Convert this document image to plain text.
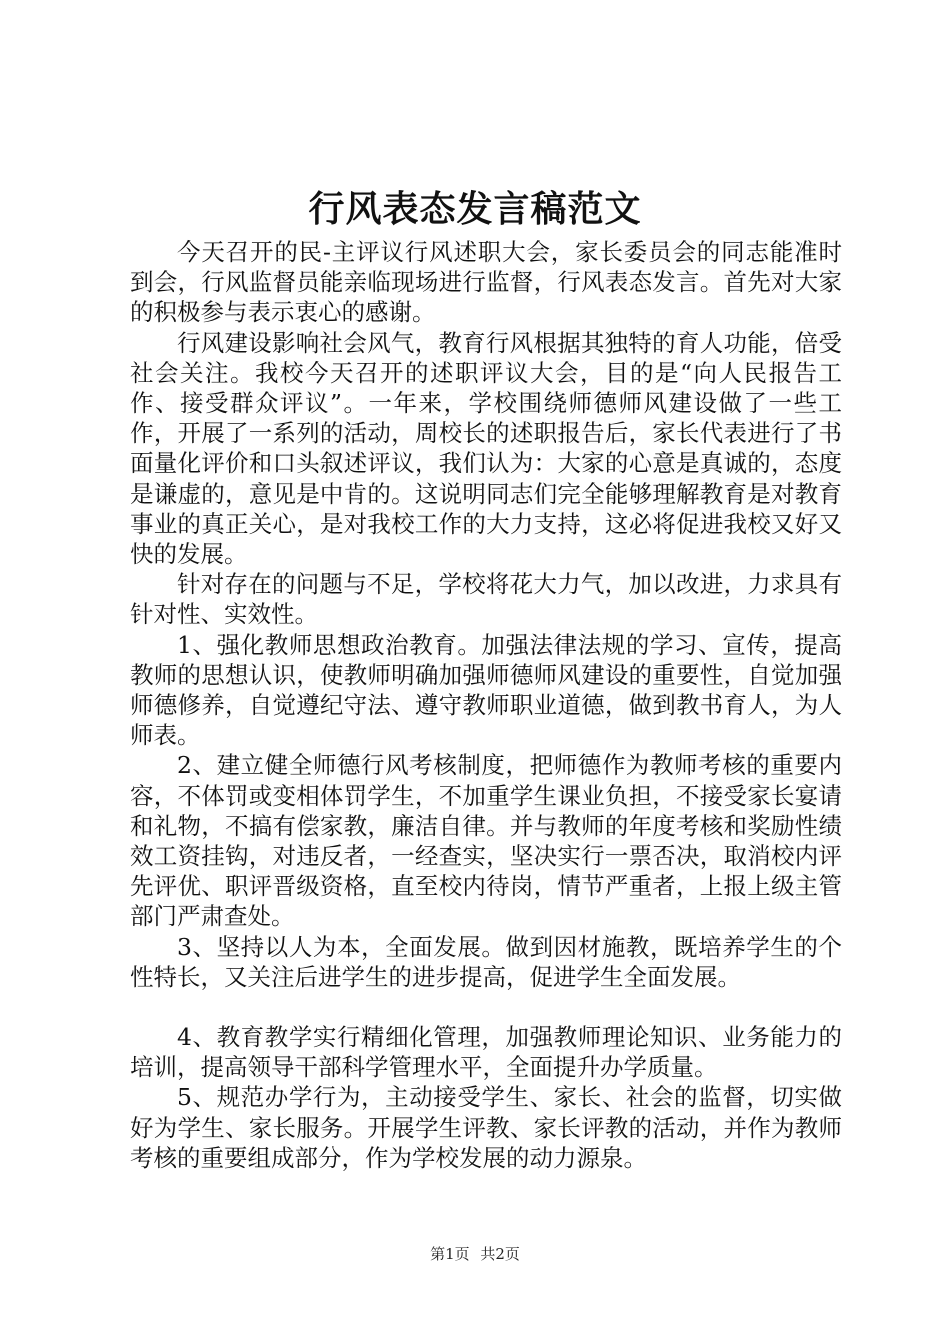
行风表态发言稿范文

今天召开的民-主评议行风述职大会，家长委员会的同志能准时到会，行风监督员能亲临现场进行监督，行风表态发言。首先对大家的积极参与表示衷心的感谢。

行风建设影响社会风气，教育行风根据其独特的育人功能，倍受社会关注。我校今天召开的述职评议大会，目的是“向人民报告工作、接受群众评议”。一年来，学校围绕师德师风建设做了一些工作，开展了一系列的活动，周校长的述职报告后，家长代表进行了书面量化评价和口头叙述评议，我们认为：大家的心意是真诚的，态度是谦虚的，意见是中肯的。这说明同志们完全能够理解教育是对教育事业的真正关心，是对我校工作的大力支持，这必将促进我校又好又快的发展。

针对存在的问题与不足，学校将花大力气，加以改进，力求具有针对性、实效性。

1、强化教师思想政治教育。加强法律法规的学习、宣传，提高教师的思想认识，使教师明确加强师德师风建设的重要性，自觉加强师德修养，自觉遵纪守法、遵守教师职业道德，做到教书育人，为人师表。

2、建立健全师德行风考核制度，把师德作为教师考核的重要内容，不体罚或变相体罚学生，不加重学生课业负担，不接受家长宴请和礼物，不搞有偿家教，廉洁自律。并与教师的年度考核和奖励性绩效工资挂钩，对违反者，一经查实，坚决实行一票否决，取消校内评先评优、职评晋级资格，直至校内待岗，情节严重者，上报上级主管部门严肃查处。

3、坚持以人为本，全面发展。做到因材施教，既培养学生的个性特长，又关注后进学生的进步提高，促进学生全面发展。

4、教育教学实行精细化管理，加强教师理论知识、业务能力的培训，提高领导干部科学管理水平，全面提升办学质量。

5、规范办学行为，主动接受学生、家长、社会的监督，切实做好为学生、家长服务。开展学生评教、家长评教的活动，并作为教师考核的重要组成部分，作为学校发展的动力源泉。

第1页 共2页
